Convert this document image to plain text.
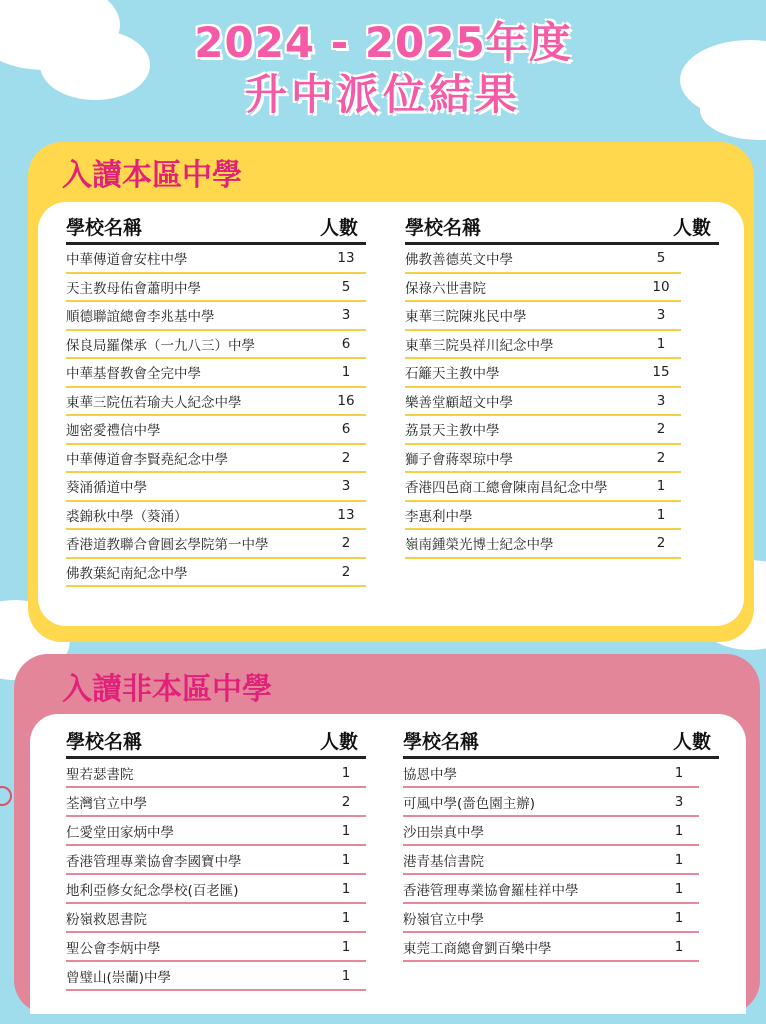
2024 - 2025年度
升中派位結果
入讀本區中學
學校名稱	人數
中華傳道會安柱中學	13
天主教母佑會蕭明中學	5
順德聯誼總會李兆基中學	3
保良局羅傑承（一九八三）中學	6
中華基督教會全完中學	1
東華三院伍若瑜夫人紀念中學	16
迦密愛禮信中學	6
中華傳道會李賢堯紀念中學	2
葵涌循道中學	3
裘錦秋中學（葵涌）	13
香港道教聯合會圓玄學院第一中學	2
佛教葉紀南紀念中學	2
學校名稱	人數
佛教善德英文中學	5
保祿六世書院	10
東華三院陳兆民中學	3
東華三院吳祥川紀念中學	1
石籬天主教中學	15
樂善堂顧超文中學	3
荔景天主教中學	2
獅子會蔣翠琼中學	2
香港四邑商工總會陳南昌紀念中學	1
李惠利中學	1
嶺南鍾榮光博士紀念中學	2
入讀非本區中學
學校名稱	人數
聖若瑟書院	1
荃灣官立中學	2
仁愛堂田家炳中學	1
香港管理專業協會李國寶中學	1
地利亞修女紀念學校(百老匯)	1
粉嶺救恩書院	1
聖公會李炳中學	1
曾璧山(崇蘭)中學	1
學校名稱	人數
協恩中學	1
可風中學(嗇色園主辦)	3
沙田崇真中學	1
港青基信書院	1
香港管理專業協會羅桂祥中學	1
粉嶺官立中學	1
東莞工商總會劉百樂中學	1
